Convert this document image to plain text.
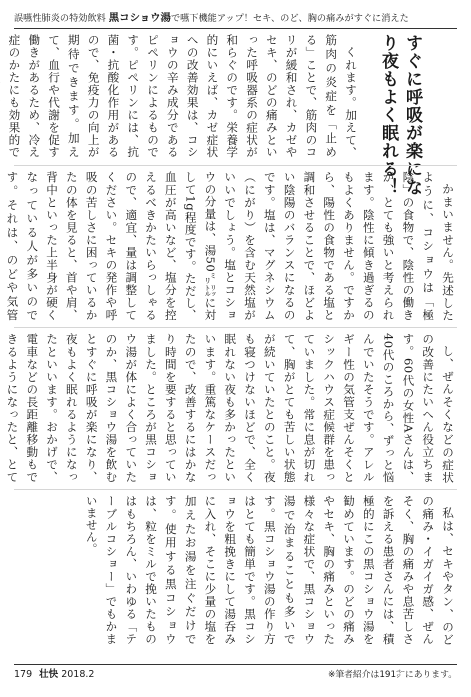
誤嚥性肺炎の特効飲料 黒コショウ湯で嚥下機能アップ！セキ、のど、胸の痛みがすぐに消えた
すぐに呼吸が楽になり夜もよく眠れる！

くれます。加えて、筋肉の炎症を「止める」ことで、筋肉のコリが緩和され、カゼやセキ、のどの痛みといった呼吸器系の症状が和らぐのです。栄養学的にいえば、カゼ症状への改善効果は、コショウの辛み成分であるピペリンによるものです。ピペリンには、抗菌・抗酸化作用があるので、免疫力の向上が期待できます。加えて、血行や代謝を促す働きがあるため、冷え症のかたにも効果的で

かまいません。先述したように、コショウは「極陰」の食物で、陰性の働きが、とても強いと考えられます。陰性に傾き過ぎるのもよくありません。ですから、陽性の食物である塩と調和させることで、ほどよい陰陽のバランスになるのです。塩は、マグネシウム（にがり）を含む天然塩がいいでしょう。塩とコショウの分量は、湯50㍉㍑に対して1g程度です。ただし、血圧が高いなど、塩分を控えるべきかたいらっしゃるので、適宜、量は調整してください。セキの発作や呼吸の苦しさに困っているかたの体を見ると、首や肩、背中といった上半身が硬くなっている人が多いのです。それは、のどや気管

し、ぜんそくなどの症状の改善にたいへん役立ちます。60代の女性Aさんは、40代のころから、ずっと悩んでいたそうです。アレルギー性の気管支ぜんそくとシックハウス症候群を患っていました。常に息が切れて、胸がとても苦しい状態が続いていたとのこと。夜も寝つけないほどで、全く眠れない夜も多かったといいます。重篤なケースだったので、改善するにはかなり時間を要すると思っていました。ところが黒コショウ湯が体によく合っていたのか、黒コショウ湯を飲むとすぐに呼吸が楽になり、夜もよく眠れるようになったといいます。おかげで、電車などの長距離移動もできるようになったと、とて

私は、セキやタン、のどの痛み・イガイガ感、ぜんそく、胸の痛みや息苦しさを訴える患者さんには、積極的にこの黒コショウ湯を勧めています。のどの痛みやセキ、胸の痛みといった様々な症状で、黒コショウ湯で治まることも多いです。黒コショウ湯の作り方はとても簡単です。黒コショウを粗挽きにして湯呑みに入れ、そこに少量の塩を加えたお湯を注ぐだけです。使用する黒コショウは、粒をミルで挽いたものはもちろん、いわゆる「テーブルコショー」でもかまいません。

179 壮快 2018.2	※筆者紹介は191㌻にあります。
